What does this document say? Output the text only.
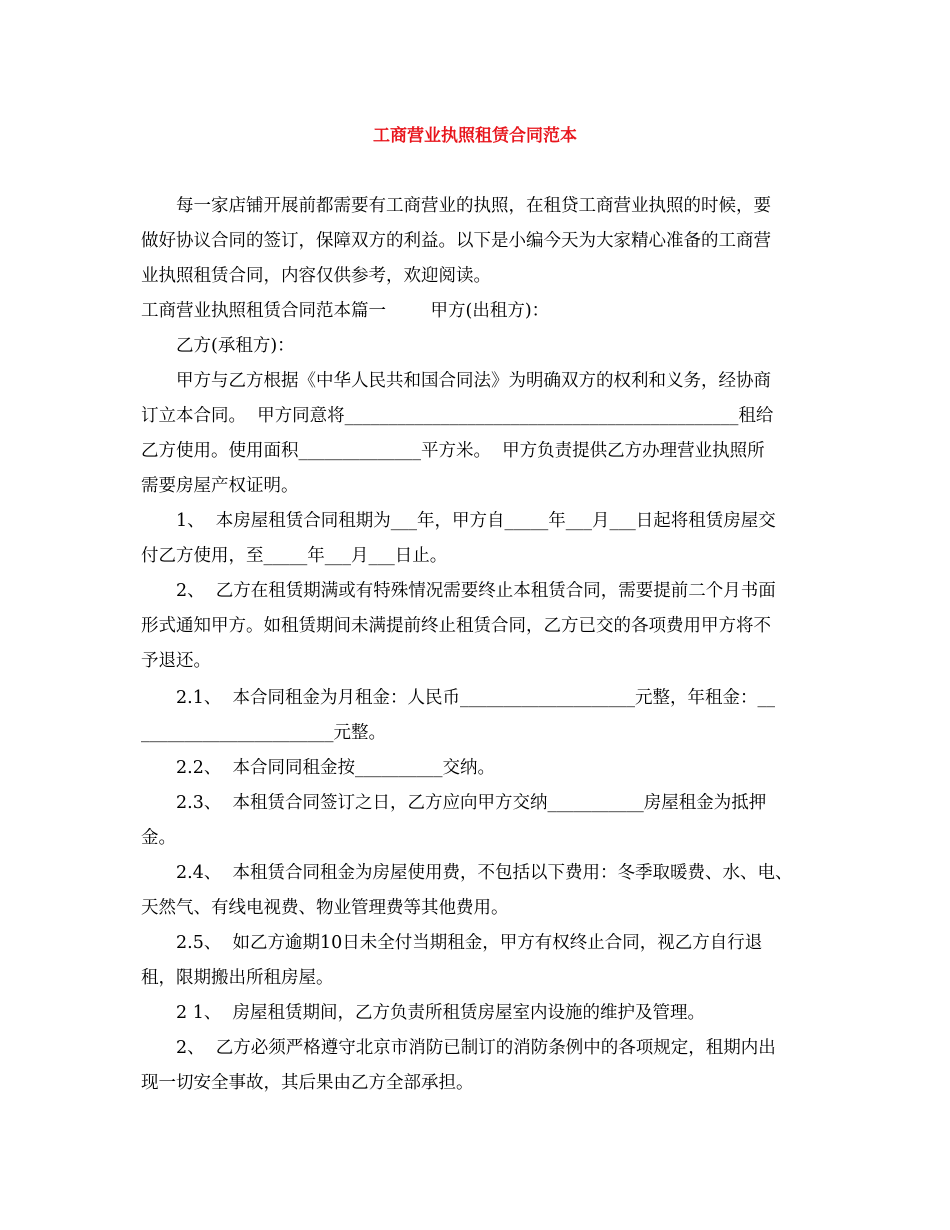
工商营业执照租赁合同范本
每一家店铺开展前都需要有工商营业的执照，在租贷工商营业执照的时候，要
做好协议合同的签订，保障双方的利益。以下是小编今天为大家精心准备的工商营
业执照租赁合同，内容仅供参考，欢迎阅读。
工商营业执照租赁合同范本篇一        甲方(出租方)：
乙方(承租方)：
甲方与乙方根据《中华人民共和国合同法》为明确双方的权利和义务，经协商
订立本合同。  甲方同意将_____________________________________________租给
乙方使用。使用面积______________平方米。  甲方负责提供乙方办理营业执照所
需要房屋产权证明。
1、  本房屋租赁合同租期为___年，甲方自_____年___月___日起将租赁房屋交
付乙方使用，至_____年___月___日止。
2、  乙方在租赁期满或有特殊情况需要终止本租赁合同，需要提前二个月书面
形式通知甲方。如租赁期间未满提前终止租赁合同，乙方已交的各项费用甲方将不
予退还。
2.1、  本合同租金为月租金：人民币____________________元整，年租金：__
______________________元整。
2.2、  本合同同租金按__________交纳。
2.3、  本租赁合同签订之日，乙方应向甲方交纳___________房屋租金为抵押
金。
2.4、  本租赁合同租金为房屋使用费，不包括以下费用：冬季取暖费、水、电、
天然气、有线电视费、物业管理费等其他费用。
2.5、  如乙方逾期10日未全付当期租金，甲方有权终止合同，视乙方自行退
租，限期搬出所租房屋。
2 1、  房屋租赁期间，乙方负责所租赁房屋室内设施的维护及管理。
2、  乙方必须严格遵守北京市消防已制订的消防条例中的各项规定，租期内出
现一切安全事故，其后果由乙方全部承担。
